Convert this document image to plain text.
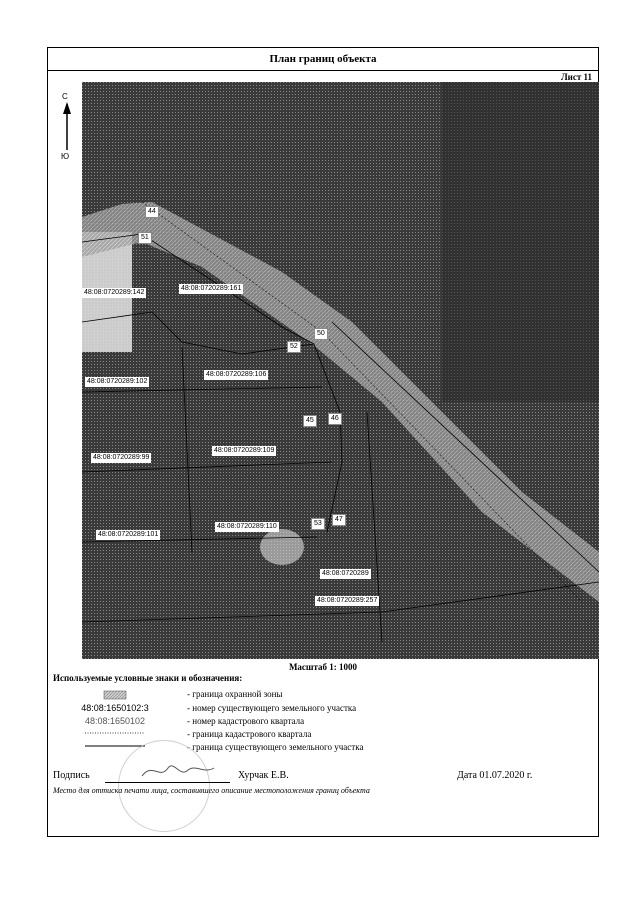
План границ объекта
Лист 11
С
Ю
44
51
50
52
46
45
47
53
48:08:0720289:142
48:08:0720289:161
48:08:0720289:102
48:08:0720289:106
48:08:0720289:99
48:08:0720289:109
48:08:0720289:101
48:08:0720289:110
48:08:0720289
48:08:0720289:257
Масштаб 1: 1000
Используемые условные знаки и обозначения:
- граница охранной зоны
48:08:1650102:3	- номер существующего земельного участка
48:08:1650102	- номер кадастрового квартала
- граница кадастрового квартала
- граница существующего земельного участка
Подпись	Хурчак Е.В.	Дата 01.07.2020 г.
Место для оттиска печати лица, составившего описание местоположения границ объекта
